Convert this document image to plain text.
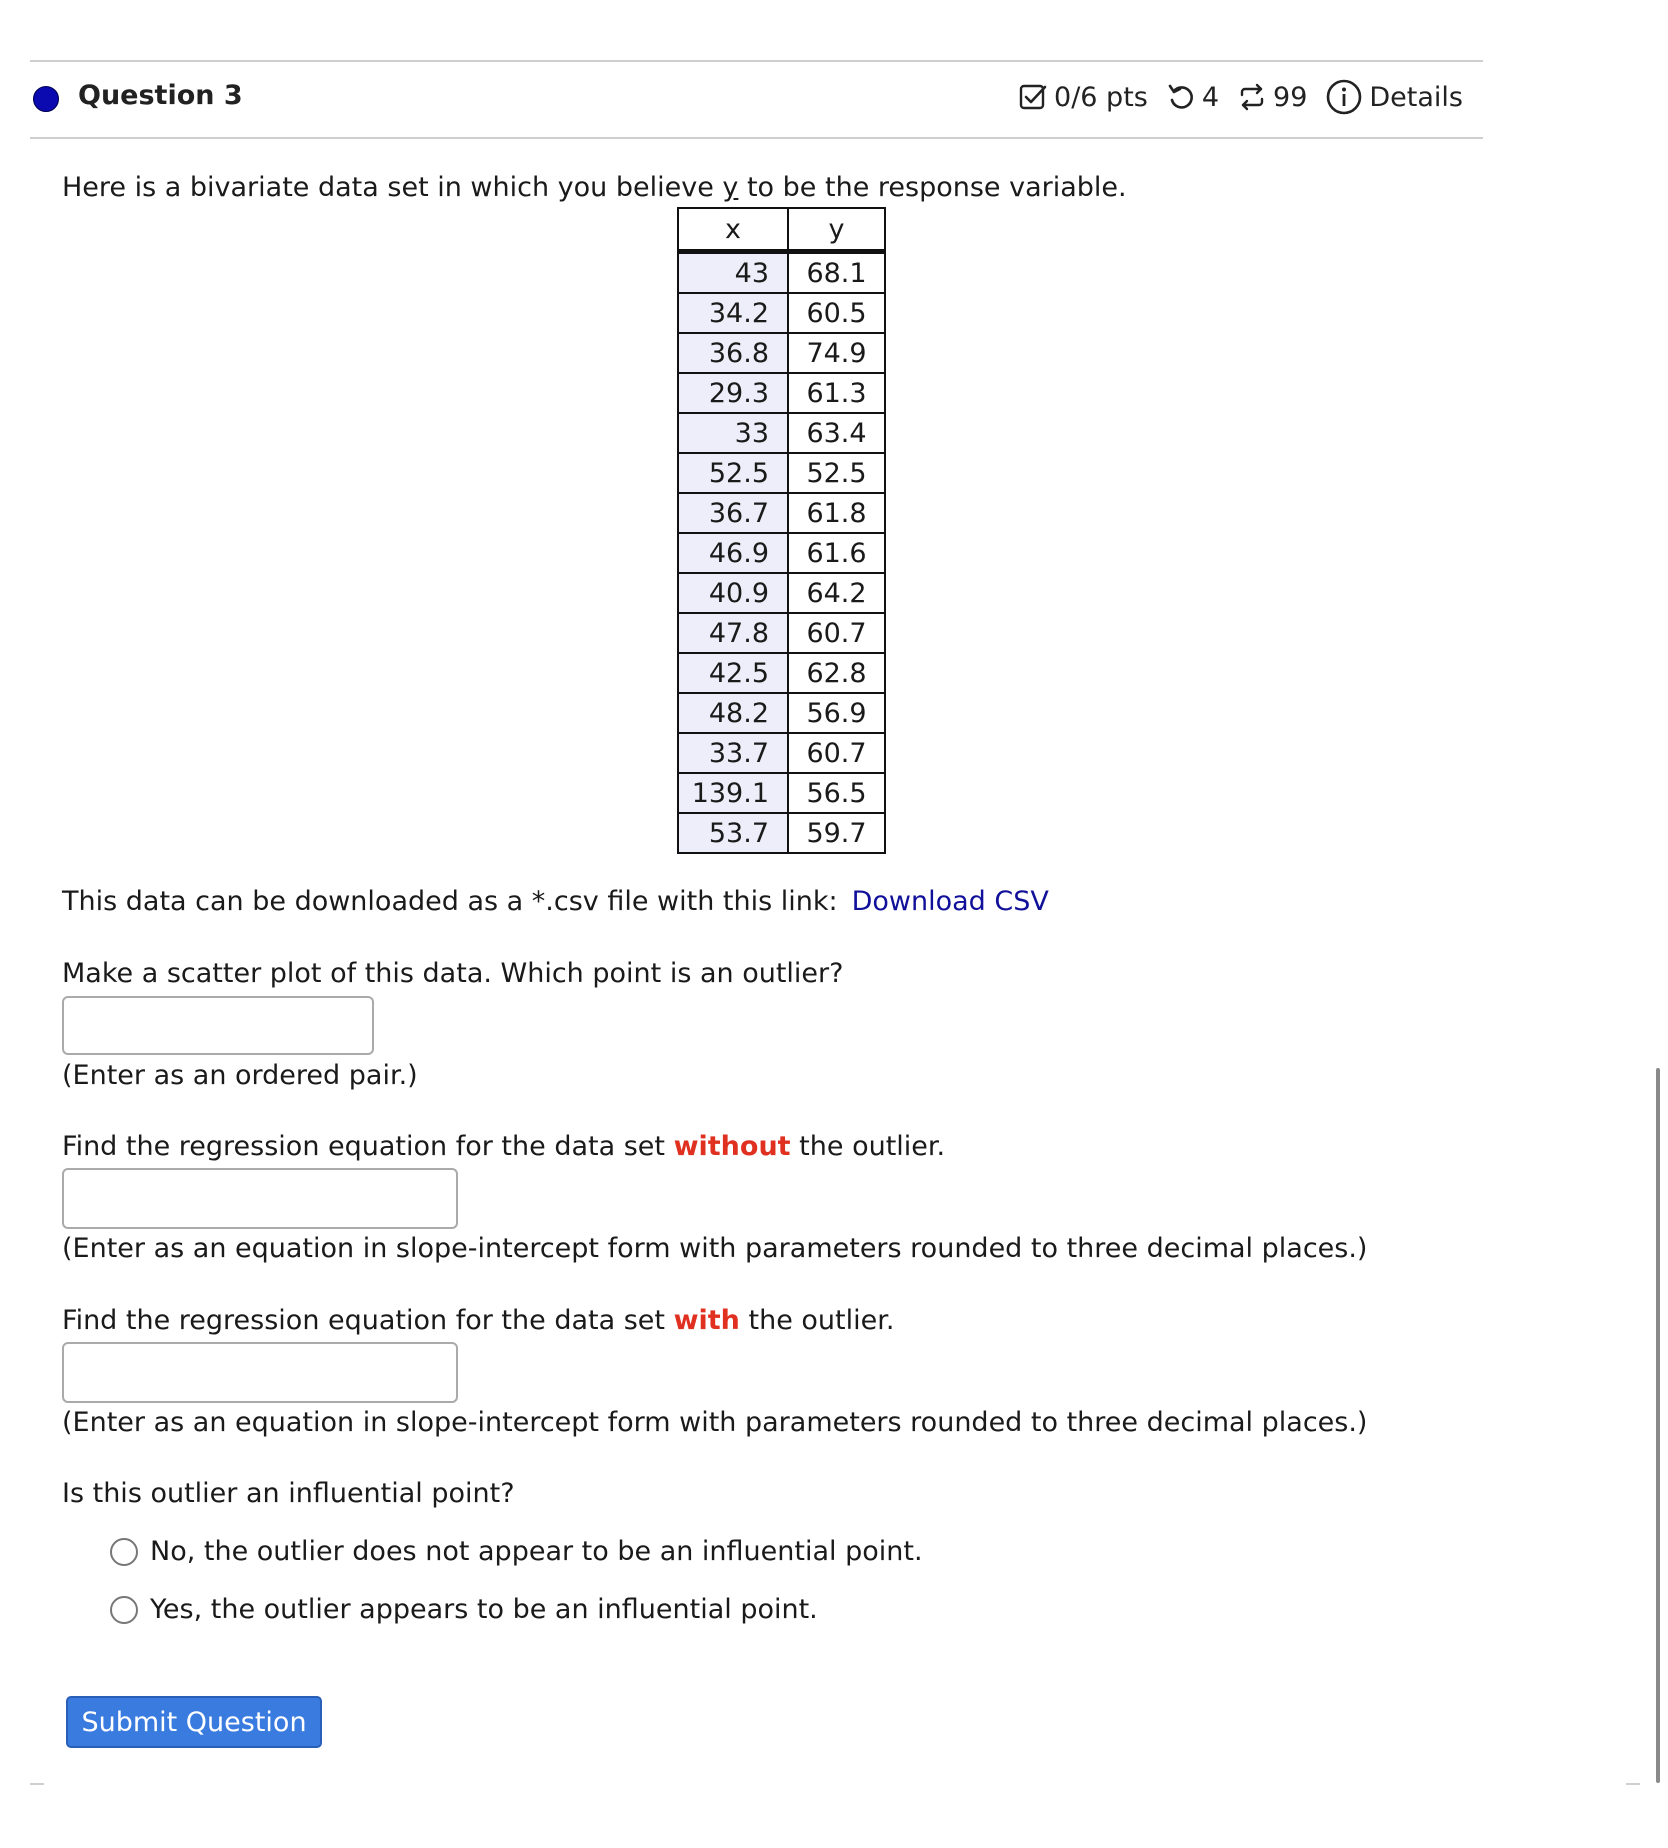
Question 3	0/6 pts 4 99 Details
Here is a bivariate data set in which you believe y to be the response variable.
x	y
43	68.1
34.2	60.5
36.8	74.9
29.3	61.3
33	63.4
52.5	52.5
36.7	61.8
46.9	61.6
40.9	64.2
47.8	60.7
42.5	62.8
48.2	56.9
33.7	60.7
139.1	56.5
53.7	59.7
This data can be downloaded as a *.csv file with this link: Download CSV
Make a scatter plot of this data. Which point is an outlier?
(Enter as an ordered pair.)
Find the regression equation for the data set without the outlier.
(Enter as an equation in slope-intercept form with parameters rounded to three decimal places.)
Find the regression equation for the data set with the outlier.
(Enter as an equation in slope-intercept form with parameters rounded to three decimal places.)
Is this outlier an influential point?
No, the outlier does not appear to be an influential point.
Yes, the outlier appears to be an influential point.
Submit Question
